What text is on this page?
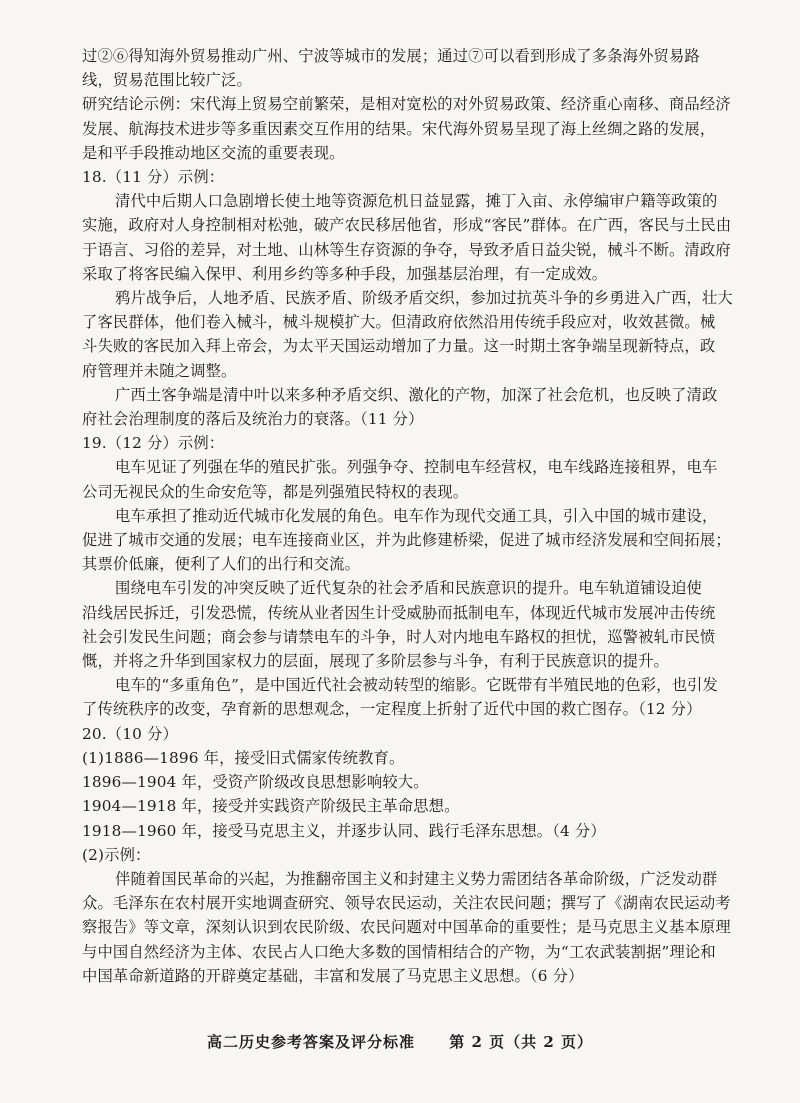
过②⑥得知海外贸易推动广州、宁波等城市的发展；通过⑦可以看到形成了多条海外贸易路
线，贸易范围比较广泛。
研究结论示例：宋代海上贸易空前繁荣，是相对宽松的对外贸易政策、经济重心南移、商品经济
发展、航海技术进步等多重因素交互作用的结果。宋代海外贸易呈现了海上丝绸之路的发展，
是和平手段推动地区交流的重要表现。
18.（11 分）示例：
清代中后期人口急剧增长使土地等资源危机日益显露，摊丁入亩、永停编审户籍等政策的
实施，政府对人身控制相对松弛，破产农民移居他省，形成“客民”群体。在广西，客民与土民由
于语言、习俗的差异，对土地、山林等生存资源的争夺，导致矛盾日益尖锐，械斗不断。清政府
采取了将客民编入保甲、利用乡约等多种手段，加强基层治理，有一定成效。
鸦片战争后，人地矛盾、民族矛盾、阶级矛盾交织，参加过抗英斗争的乡勇进入广西，壮大
了客民群体，他们卷入械斗，械斗规模扩大。但清政府依然沿用传统手段应对，收效甚微。械
斗失败的客民加入拜上帝会，为太平天国运动增加了力量。这一时期土客争端呈现新特点，政
府管理并未随之调整。
广西土客争端是清中叶以来多种矛盾交织、激化的产物，加深了社会危机，也反映了清政
府社会治理制度的落后及统治力的衰落。（11 分）
19.（12 分）示例：
电车见证了列强在华的殖民扩张。列强争夺、控制电车经营权，电车线路连接租界，电车
公司无视民众的生命安危等，都是列强殖民特权的表现。
电车承担了推动近代城市化发展的角色。电车作为现代交通工具，引入中国的城市建设，
促进了城市交通的发展；电车连接商业区，并为此修建桥梁，促进了城市经济发展和空间拓展；
其票价低廉，便利了人们的出行和交流。
围绕电车引发的冲突反映了近代复杂的社会矛盾和民族意识的提升。电车轨道铺设迫使
沿线居民拆迁，引发恐慌，传统从业者因生计受威胁而抵制电车，体现近代城市发展冲击传统
社会引发民生问题；商会参与请禁电车的斗争，时人对内地电车路权的担忧，巡警被轧市民愤
慨，并将之升华到国家权力的层面，展现了多阶层参与斗争，有利于民族意识的提升。
电车的“多重角色”，是中国近代社会被动转型的缩影。它既带有半殖民地的色彩，也引发
了传统秩序的改变，孕育新的思想观念，一定程度上折射了近代中国的救亡图存。（12 分）
20.（10 分）
(1)1886—1896 年，接受旧式儒家传统教育。
1896—1904 年，受资产阶级改良思想影响较大。
1904—1918 年，接受并实践资产阶级民主革命思想。
1918—1960 年，接受马克思主义，并逐步认同、践行毛泽东思想。（4 分）
(2)示例：
伴随着国民革命的兴起，为推翻帝国主义和封建主义势力需团结各革命阶级，广泛发动群
众。毛泽东在农村展开实地调查研究、领导农民运动，关注农民问题；撰写了《湖南农民运动考
察报告》等文章，深刻认识到农民阶级、农民问题对中国革命的重要性；是马克思主义基本原理
与中国自然经济为主体、农民占人口绝大多数的国情相结合的产物，为“工农武装割据”理论和
中国革命新道路的开辟奠定基础，丰富和发展了马克思主义思想。（6 分）
高二历史参考答案及评分标准 第 2 页（共 2 页）
